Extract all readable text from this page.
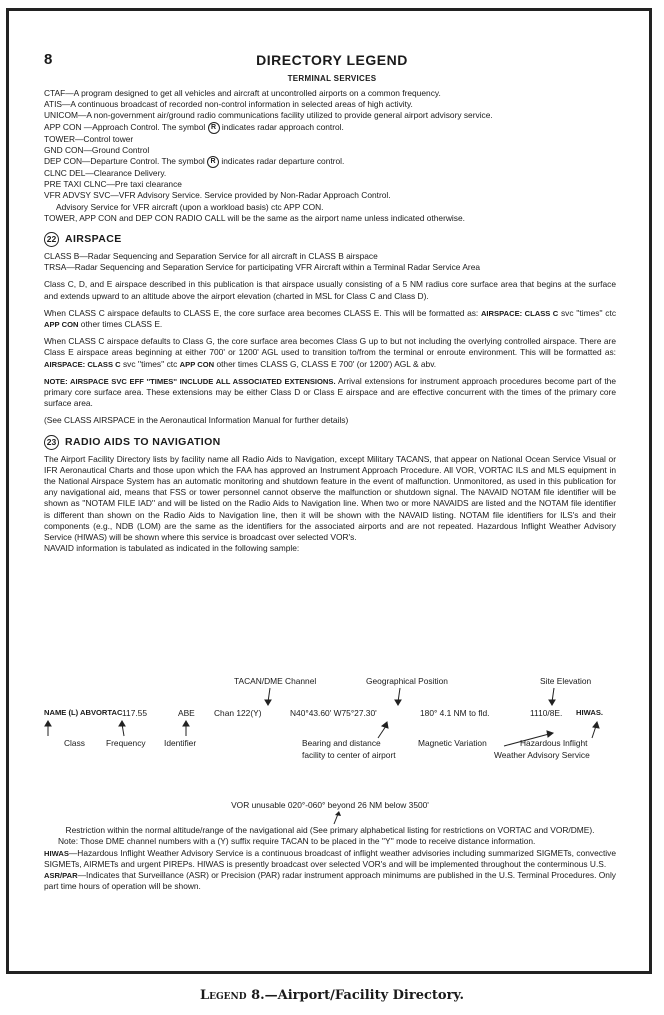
8	DIRECTORY LEGEND
TERMINAL SERVICES

CTAF—A program designed to get all vehicles and aircraft at uncontrolled airports on a common frequency.

ATIS—A continuous broadcast of recorded non-control information in selected areas of high activity.

UNICOM—A non-government air/ground radio communications facility utilized to provide general airport advisory service.

APP CON —Approach Control. The symbol R indicates radar approach control.

TOWER—Control tower

GND CON—Ground Control

DEP CON—Departure Control. The symbol R indicates radar departure control.

CLNC DEL—Clearance Delivery.

PRE TAXI CLNC—Pre taxi clearance

VFR ADVSY SVC—VFR Advisory Service. Service provided by Non-Radar Approach Control.

Advisory Service for VFR aircraft (upon a workload basis) ctc APP CON.

TOWER, APP CON and DEP CON RADIO CALL will be the same as the airport name unless indicated otherwise.

22 AIRSPACE

CLASS B—Radar Sequencing and Separation Service for all aircraft in CLASS B airspace

TRSA—Radar Sequencing and Separation Service for participating VFR Aircraft within a Terminal Radar Service Area

Class C, D, and E airspace described in this publication is that airspace usually consisting of a 5 NM radius core surface area that begins at the surface and extends upward to an altitude above the airport elevation (charted in MSL for Class C and Class D).

When CLASS C airspace defaults to CLASS E, the core surface area becomes CLASS E. This will be formatted as: AIRSPACE: CLASS C svc ''times'' ctc APP CON other times CLASS E.

When CLASS C airspace defaults to Class G, the core surface area becomes Class G up to but not including the overlying controlled airspace. There are Class E airspace areas beginning at either 700' or 1200' AGL used to transition to/from the terminal or enroute environment. This will be formatted as: AIRSPACE: CLASS C svc ''times'' ctc APP CON other times CLASS G, CLASS E 700' (or 1200') AGL & abv.

NOTE: AIRSPACE SVC EFF ''TIMES'' INCLUDE ALL ASSOCIATED EXTENSIONS. Arrival extensions for instrument approach procedures become part of the primary core surface area. These extensions may be either Class D or Class E airspace and are effective concurrent with the times of the primary core surface area.

(See CLASS AIRSPACE in the Aeronautical Information Manual for further details)

23 RADIO AIDS TO NAVIGATION

The Airport Facility Directory lists by facility name all Radio Aids to Navigation, except Military TACANS, that appear on National Ocean Service Visual or IFR Aeronautical Charts and those upon which the FAA has approved an Instrument Approach Procedure. All VOR, VORTAC ILS and MLS equipment in the National Airspace System has an automatic monitoring and shutdown feature in the event of malfunction. Unmonitored, as used in this publication for any navigational aid, means that FSS or tower personnel cannot observe the malfunction or shutdown signal. The NAVAID NOTAM file identifier will be shown as ''NOTAM FILE IAD'' and will be listed on the Radio Aids to Navigation line. When two or more NAVAIDS are listed and the NOTAM file identifier is different than shown on the Radio Aids to Navigation line, then it will be shown with the NAVAID listing. NOTAM file identifiers for ILS's and their components (e.g., NDB (LOM) are the same as the identifiers for the associated airports and are not repeated. Hazardous Inflight Weather Advisory Service (HIWAS) will be shown where this service is broadcast over selected VOR's.

NAVAID information is tabulated as indicated in the following sample:

TACAN/DME Channel	Geographical Position	Site Elevation
NAME (L) ABVORTAC 117.55	ABE Chan 122(Y)	N40°43.60' W75°27.30'	180° 4.1 NM to fld.	1110/8E. HIWAS.
Class	Frequency Identifier	Bearing and distance
facility to center of airport
Magnetic Variation	Hazardous Inflight
Weather Advisory Service

VOR unusable 020°-060° beyond 26 NM below 3500'

Restriction within the normal altitude/range of the navigational aid (See primary alphabetical listing for restrictions on VORTAC and VOR/DME).

Note: Those DME channel numbers with a (Y) suffix require TACAN to be placed in the ''Y'' mode to receive distance information.

HIWAS—Hazardous Inflight Weather Advisory Service is a continuous broadcast of inflight weather advisories including summarized SIGMETs, convective SIGMETs, AIRMETs and urgent PIREPs. HIWAS is presently broadcast over selected VOR's and will be implemented throughout the conterminous U.S.

ASR/PAR—Indicates that Surveillance (ASR) or Precision (PAR) radar instrument approach minimums are published in the U.S. Terminal Procedures. Only part time hours of operation will be shown.

Legend 8.—Airport/Facility Directory.
